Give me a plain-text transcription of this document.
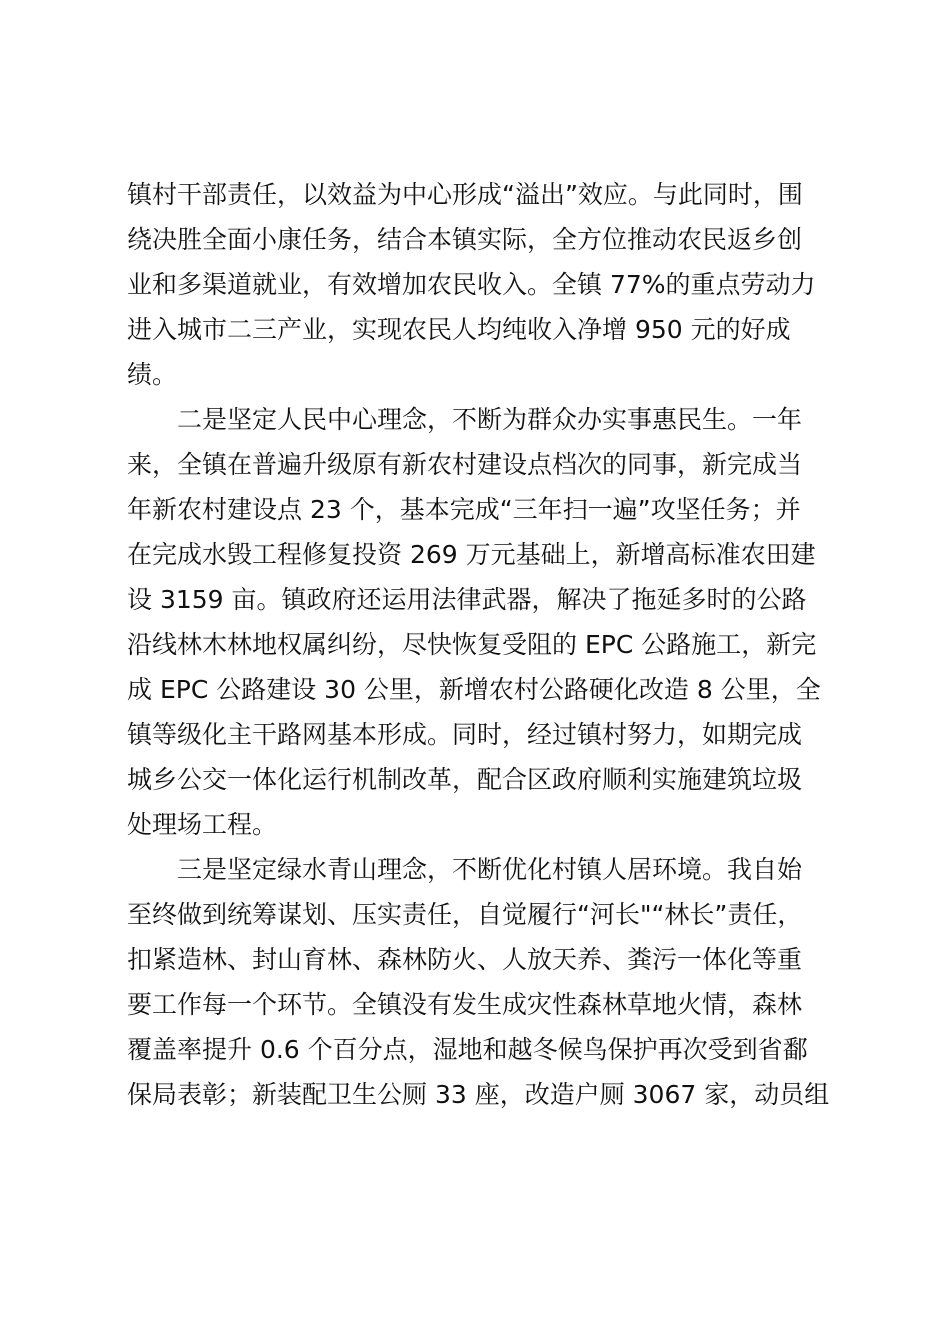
镇村干部责任，以效益为中心形成“溢出”效应。与此同时，围
绕决胜全面小康任务，结合本镇实际，全方位推动农民返乡创
业和多渠道就业，有效增加农民收入。全镇 77%的重点劳动力
进入城市二三产业，实现农民人均纯收入净增 950 元的好成
绩。
二是坚定人民中心理念，不断为群众办实事惠民生。一年
来，全镇在普遍升级原有新农村建设点档次的同事，新完成当
年新农村建设点 23 个，基本完成“三年扫一遍”攻坚任务；并
在完成水毁工程修复投资 269 万元基础上，新增高标准农田建
设 3159 亩。镇政府还运用法律武器，解决了拖延多时的公路
沿线林木林地权属纠纷，尽快恢复受阻的 EPC 公路施工，新完
成 EPC 公路建设 30 公里，新增农村公路硬化改造 8 公里，全
镇等级化主干路网基本形成。同时，经过镇村努力，如期完成
城乡公交一体化运行机制改革，配合区政府顺利实施建筑垃圾
处理场工程。
三是坚定绿水青山理念，不断优化村镇人居环境。我自始
至终做到统筹谋划、压实责任，自觉履行“河长"“林长”责任，
扣紧造林、封山育林、森林防火、人放天养、粪污一体化等重
要工作每一个环节。全镇没有发生成灾性森林草地火情，森林
覆盖率提升 0.6 个百分点，湿地和越冬候鸟保护再次受到省鄱
保局表彰；新装配卫生公厕 33 座，改造户厕 3067 家，动员组
